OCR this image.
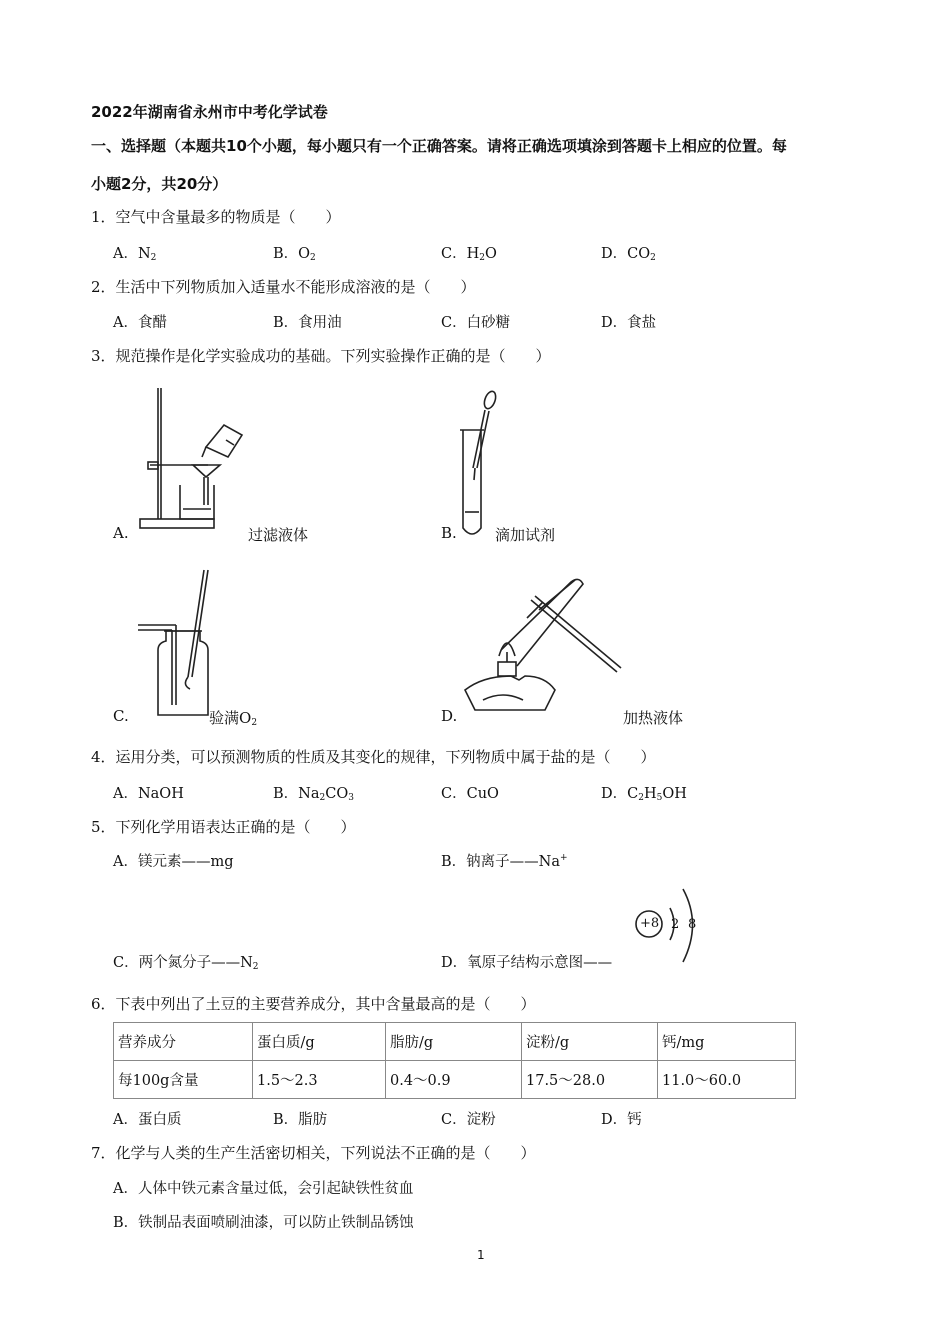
2022年湖南省永州市中考化学试卷
一、选择题（本题共10个小题，每小题只有一个正确答案。请将正确选项填涂到答题卡上相应的位置。每
小题2分，共20分）
1．空气中含量最多的物质是（　　）
A．$N_2$	B．$O_2$	C．$H_2O$	D．$CO_2$
2．生活中下列物质加入适量水不能形成溶液的是（　　）
A．食醋	B．食用油	C．白砂糖	D．食盐
3．规范操作是化学实验成功的基础。下列实验操作正确的是（　　）
A.	过滤液体	B.	滴加试剂
C.	验满$O_2$	D.	加热液体
4．运用分类，可以预测物质的性质及其变化的规律，下列物质中属于盐的是（　　）
A．NaOH	B．$Na_2CO_3$	C．CuO	D．$C_2H_5OH$
5．下列化学用语表达正确的是（　　）
A．镁元素——mg	B．钠离子——Na+
C．两个氮分子$——N_2$	D．氧原子结构示意图——
+8 2 8
6．下表中列出了土豆的主要营养成分，其中含量最高的是（　　）
营养成分	蛋白质/g	脂肪/g	淀粉/g	钙/mg
每100g含量	1.5～2.3	0.4～0.9	17.5～28.0	11.0～60.0
A．蛋白质	B．脂肪	C．淀粉	D．钙
7．化学与人类的生产生活密切相关，下列说法不正确的是（　　）
A．人体中铁元素含量过低，会引起缺铁性贫血
B．铁制品表面喷刷油漆，可以防止铁制品锈蚀
1
